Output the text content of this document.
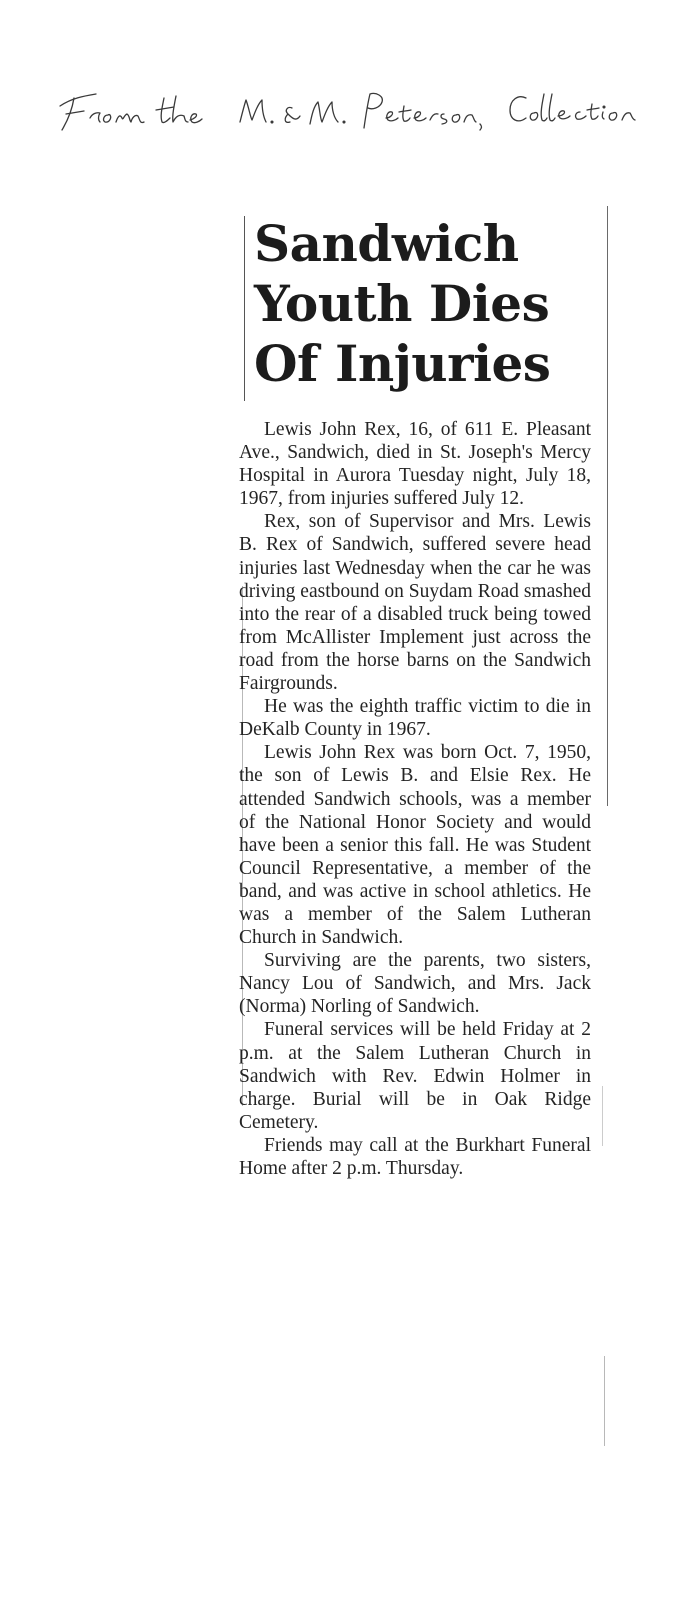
Sandwich
Youth Dies
Of Injuries

Lewis John Rex, 16, of 611 E. Pleasant Ave., Sandwich, died in St. Joseph's Mercy Hospital in Aurora Tuesday night, July 18, 1967, from injuries suffered July 12.

Rex, son of Supervisor and Mrs. Lewis B. Rex of Sandwich, suffered severe head injuries last Wednesday when the car he was driving eastbound on Suydam Road smashed into the rear of a disabled truck being towed from McAllister Implement just across the road from the horse barns on the Sandwich Fairgrounds.

He was the eighth traffic victim to die in DeKalb County in 1967.

Lewis John Rex was born Oct. 7, 1950, the son of Lewis B. and Elsie Rex. He attended Sandwich schools, was a member of the National Honor Society and would have been a senior this fall. He was Student Council Representative, a member of the band, and was active in school athletics. He was a member of the Salem Lutheran Church in Sandwich.

Surviving are the parents, two sisters, Nancy Lou of Sandwich, and Mrs. Jack (Norma) Norling of Sandwich.

Funeral services will be held Friday at 2 p.m. at the Salem Lutheran Church in Sandwich with Rev. Edwin Holmer in charge. Burial will be in Oak Ridge Cemetery.

Friends may call at the Burkhart Funeral Home after 2 p.m. Thursday.
